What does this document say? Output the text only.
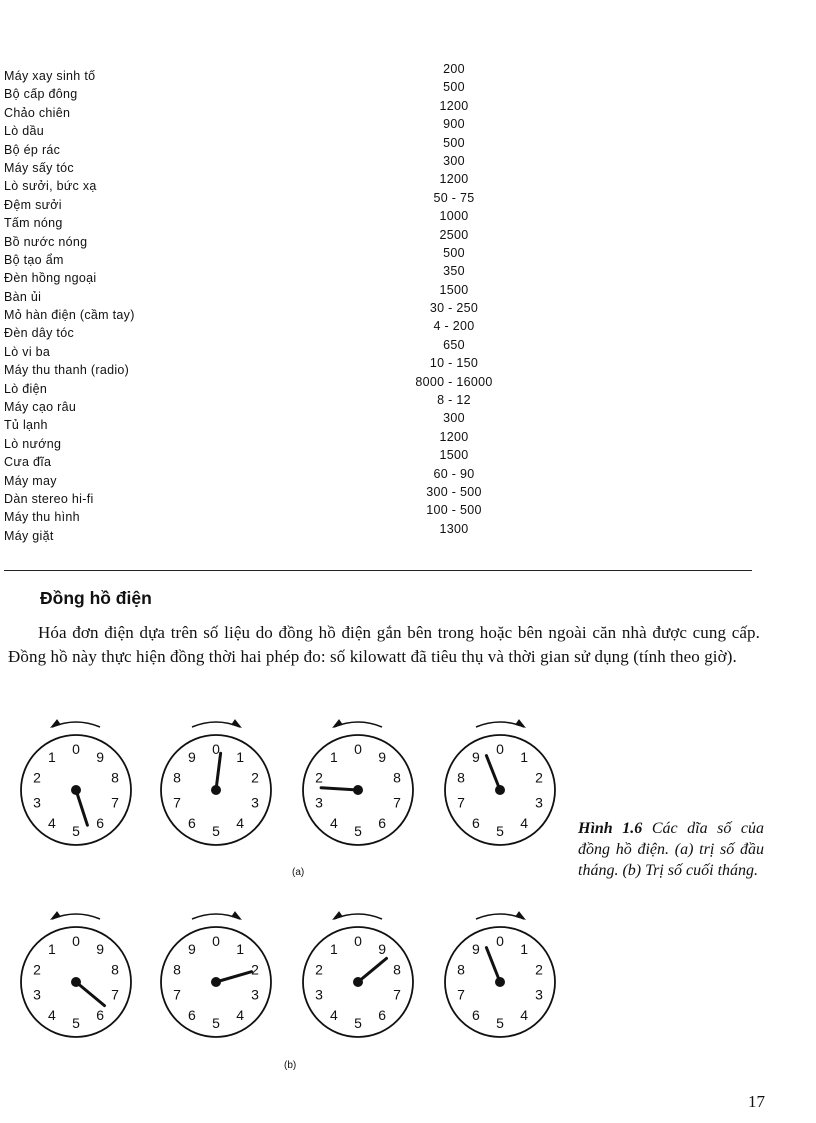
Máy xay sinh tố	200
Bộ cấp đông	500
Chảo chiên	1200
Lò dầu	900
Bộ ép rác	500
Máy sấy tóc	300
Lò sưởi, bức xạ	1200
Đệm sưởi	50 - 75
Tấm nóng	1000
Bồ nước nóng	2500
Bộ tạo ẩm	500
Đèn hồng ngoại	350
Bàn ủi	1500
Mỏ hàn điện (cầm tay)	30 - 250
Đèn dây tóc	4 - 200
Lò vi ba	650
Máy thu thanh (radio)	10 - 150
Lò điện	8000 - 16000
Máy cạo râu	8 - 12
Tủ lạnh	300
Lò nướng	1200
Cưa đĩa	1500
Máy may	60 - 90
Dàn stereo hi-fi	300 - 500
Máy thu hình	100 - 500
Máy giặt	1300
Đồng hồ điện
Hóa đơn điện dựa trên số liệu do đồng hồ điện gắn bên trong hoặc bên ngoài căn nhà được cung cấp. Đồng hồ này thực hiện đồng thời hai phép đo: số kilowatt đã tiêu thụ và thời gian sử dụng (tính theo giờ).
(a)
(b)
0
1
2
3
4 5 6
7
8
9	0 1
2
3
4
5
6
7
8
9	0
1
2
3
4 5 6
7
8
9	0 1
2
3
4
5
6
7
8
9
0
1
2
3
4 5 6
7
8
9	0 1
2
3
4
5
6
7
8
9	0
1
2
3
4 5 6
7
8
9	0 1
2
3
4
5
6
7
8
9
Hình 1.6 Các dĩa số của đồng hồ điện. (a) trị số đầu tháng. (b) Trị số cuối tháng.
17
